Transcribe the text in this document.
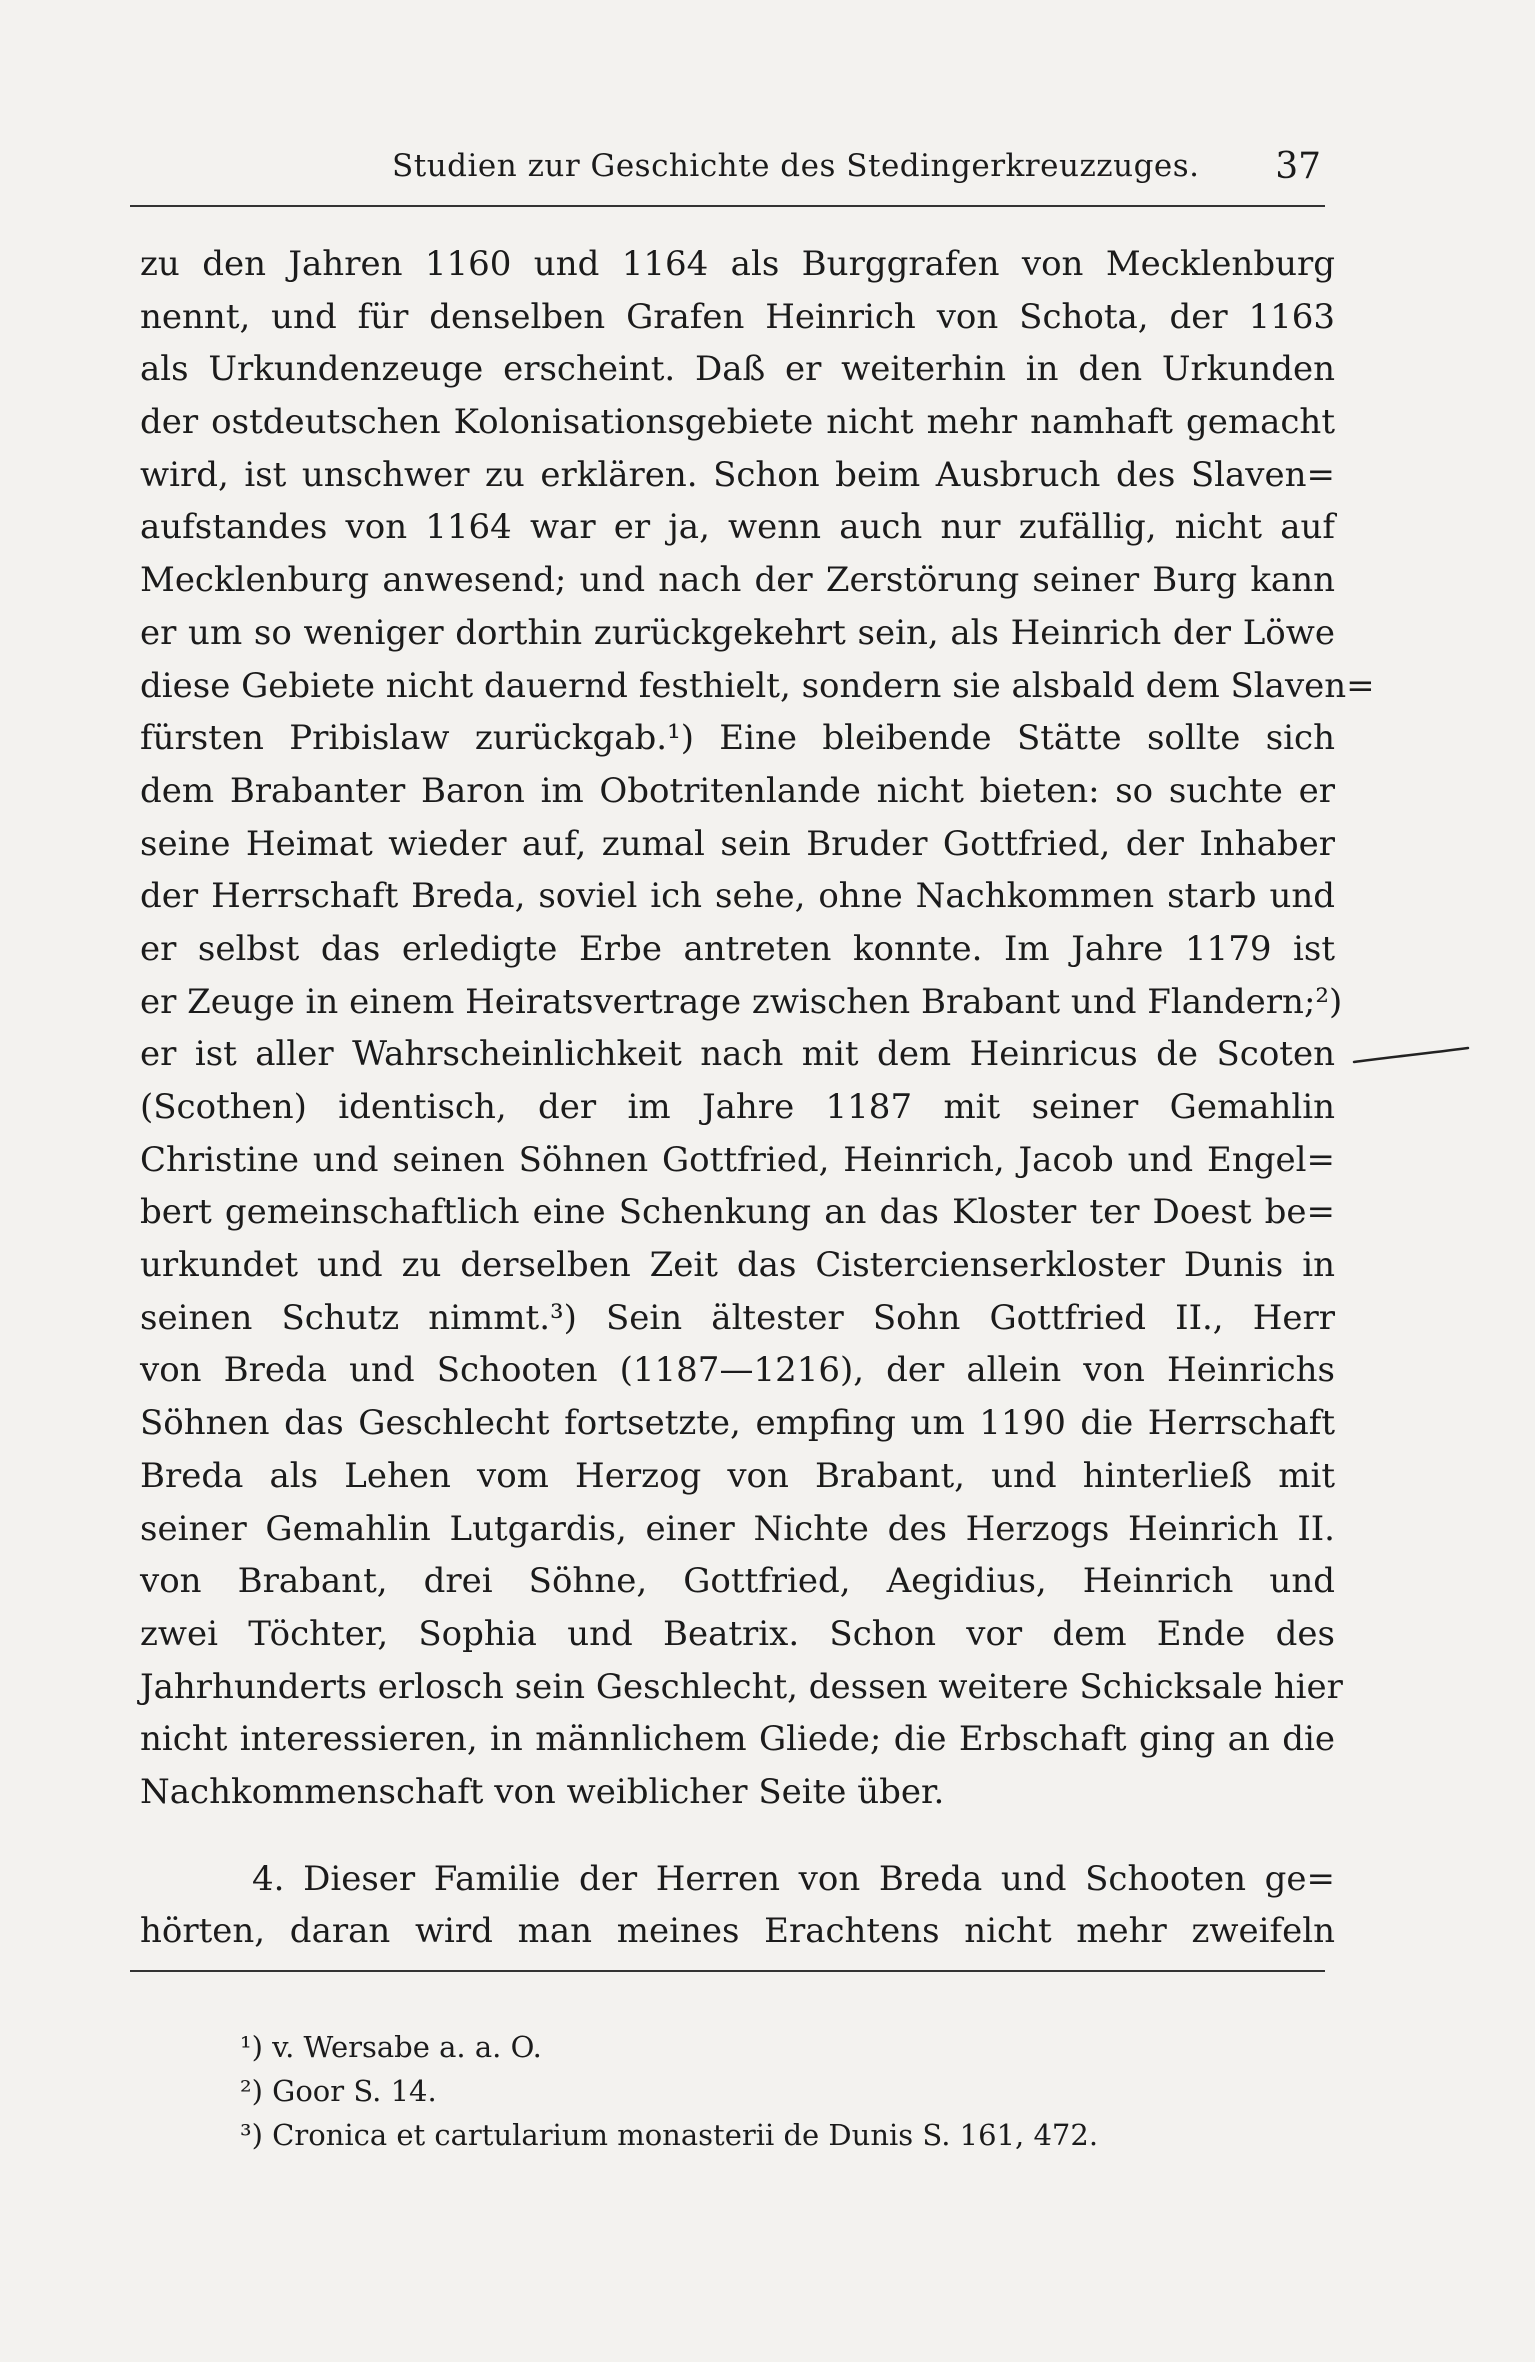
Studien zur Geschichte des Stedingerkreuzzuges. 37
zu den Jahren 1160 und 1164 als Burggrafen von Mecklenburg
nennt, und für denselben Grafen Heinrich von Schota, der 1163
als Urkundenzeuge erscheint. Daß er weiterhin in den Urkunden
der ostdeutschen Kolonisationsgebiete nicht mehr namhaft gemacht
wird, ist unschwer zu erklären. Schon beim Ausbruch des Slaven=
aufstandes von 1164 war er ja, wenn auch nur zufällig, nicht auf
Mecklenburg anwesend; und nach der Zerstörung seiner Burg kann
er um so weniger dorthin zurückgekehrt sein, als Heinrich der Löwe
diese Gebiete nicht dauernd festhielt, sondern sie alsbald dem Slaven=
fürsten Pribislaw zurückgab.¹) Eine bleibende Stätte sollte sich
dem Brabanter Baron im Obotritenlande nicht bieten: so suchte er
seine Heimat wieder auf, zumal sein Bruder Gottfried, der Inhaber
der Herrschaft Breda, soviel ich sehe, ohne Nachkommen starb und
er selbst das erledigte Erbe antreten konnte. Im Jahre 1179 ist
er Zeuge in einem Heiratsvertrage zwischen Brabant und Flandern;²)
er ist aller Wahrscheinlichkeit nach mit dem Heinricus de Scoten
(Scothen) identisch, der im Jahre 1187 mit seiner Gemahlin
Christine und seinen Söhnen Gottfried, Heinrich, Jacob und Engel=
bert gemeinschaftlich eine Schenkung an das Kloster ter Doest be=
urkundet und zu derselben Zeit das Cistercienserkloster Dunis in
seinen Schutz nimmt.³) Sein ältester Sohn Gottfried II., Herr
von Breda und Schooten (1187—1216), der allein von Heinrichs
Söhnen das Geschlecht fortsetzte, empfing um 1190 die Herrschaft
Breda als Lehen vom Herzog von Brabant, und hinterließ mit
seiner Gemahlin Lutgardis, einer Nichte des Herzogs Heinrich II.
von Brabant, drei Söhne, Gottfried, Aegidius, Heinrich und
zwei Töchter, Sophia und Beatrix. Schon vor dem Ende des
Jahrhunderts erlosch sein Geschlecht, dessen weitere Schicksale hier
nicht interessieren, in männlichem Gliede; die Erbschaft ging an die
Nachkommenschaft von weiblicher Seite über.
4. Dieser Familie der Herren von Breda und Schooten ge=
hörten, daran wird man meines Erachtens nicht mehr zweifeln
¹) v. Wersabe a. a. O.
²) Goor S. 14.
³) Cronica et cartularium monasterii de Dunis S. 161, 472.
